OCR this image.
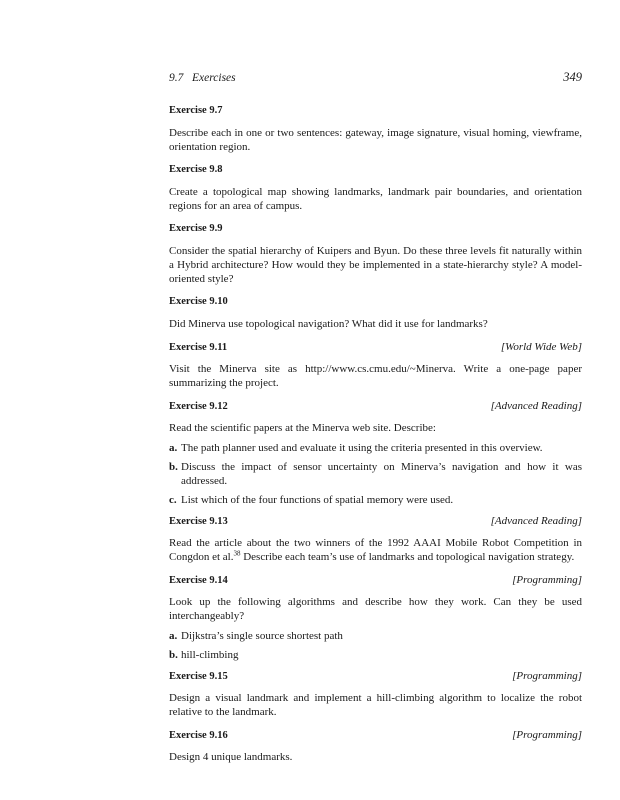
9.7 Exercises	349
Exercise 9.7
Describe each in one or two sentences: gateway, image signature, visual homing, viewframe, orientation region.
Exercise 9.8
Create a topological map showing landmarks, landmark pair boundaries, and orientation regions for an area of campus.
Exercise 9.9
Consider the spatial hierarchy of Kuipers and Byun. Do these three levels fit naturally within a Hybrid architecture? How would they be implemented in a state-hierarchy style? A model-oriented style?
Exercise 9.10
Did Minerva use topological navigation? What did it use for landmarks?
Exercise 9.11	[World Wide Web]
Visit the Minerva site as http://www.cs.cmu.edu/~Minerva. Write a one-page paper summarizing the project.
Exercise 9.12	[Advanced Reading]
Read the scientific papers at the Minerva web site. Describe:
a. The path planner used and evaluate it using the criteria presented in this overview.
b. Discuss the impact of sensor uncertainty on Minerva’s navigation and how it was addressed.
c. List which of the four functions of spatial memory were used.
Exercise 9.13	[Advanced Reading]
Read the article about the two winners of the 1992 AAAI Mobile Robot Competition in Congdon et al.$^{38}$ Describe each team’s use of landmarks and topological navigation strategy.
Exercise 9.14	[Programming]
Look up the following algorithms and describe how they work. Can they be used interchangeably?
a. Dijkstra’s single source shortest path
b. hill-climbing
Exercise 9.15	[Programming]
Design a visual landmark and implement a hill-climbing algorithm to localize the robot relative to the landmark.
Exercise 9.16	[Programming]
Design 4 unique landmarks.
